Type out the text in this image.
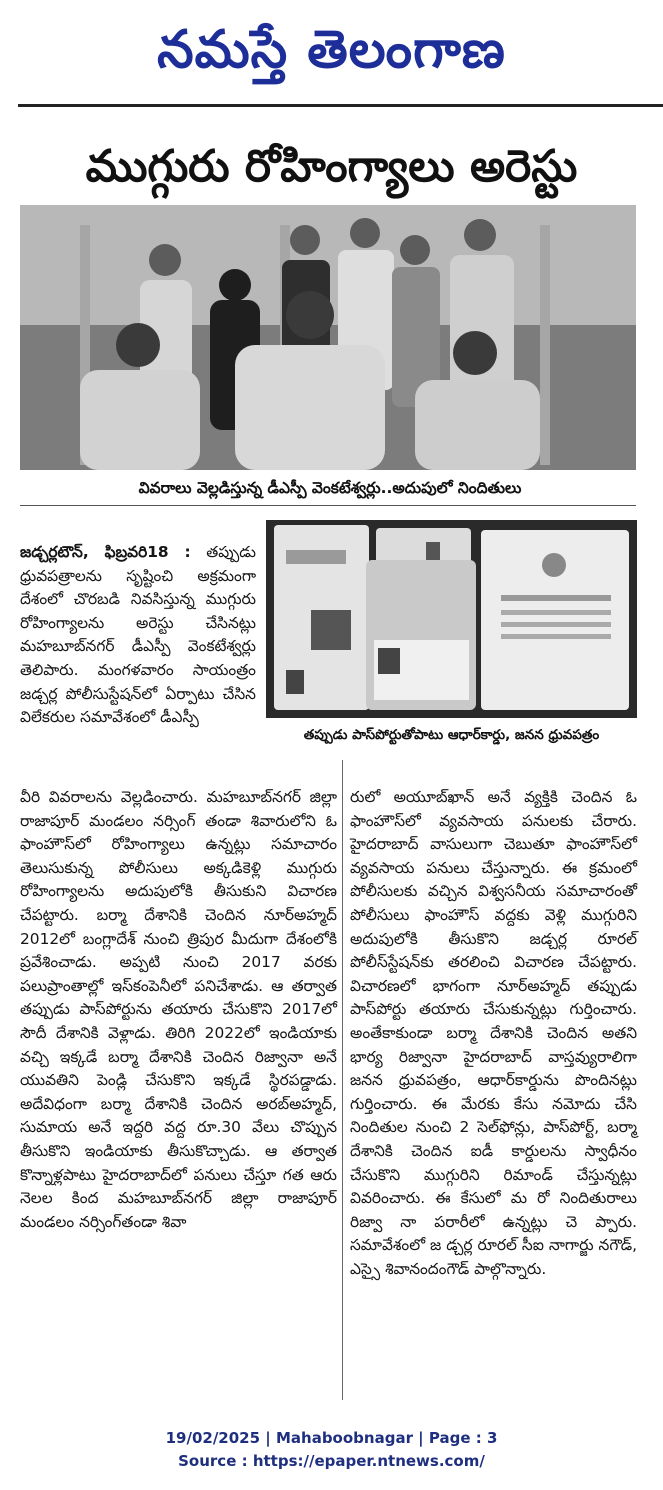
నమస్తే తెలంగాణ
ముగ్గురు రోహింగ్యాలు అరెస్టు
వివరాలు వెల్లడిస్తున్న డీఎస్పీ వెంకటేశ్వర్లు..అదుపులో నిందితులు
తప్పుడు పాస్‌పోర్టుతోపాటు ఆధార్‌కార్డు, జనన ధ్రువపత్రం

జడ్చర్లటౌన్, ఫిబ్రవరి18 : తప్పుడు ధ్రువపత్రాలను సృష్టించి అక్రమంగా దేశంలో చొరబడి నివసిస్తున్న ముగ్గురు రోహింగ్యాలను అరెస్టు చేసినట్లు మహబూబ్‌నగర్ డీఎస్పీ వెంకటేశ్వర్లు తెలిపారు. మంగళవారం సాయంత్రం జడ్చర్ల పోలీసుస్టేషన్‌లో ఏర్పాటు చేసిన విలేకరుల సమావేశంలో డీఎస్పీ

వీరి వివరాలను వెల్లడించారు. మహబూబ్‌నగర్ జిల్లా రాజాపూర్ మండలం నర్సింగ్ తండా శివారులోని ఓ ఫాంహౌస్‌లో రోహింగ్యాలు ఉన్నట్లు సమాచారం తెలుసుకున్న పోలీసులు అక్కడికెళ్లి ముగ్గురు రోహింగ్యాలను అదుపులోకి తీసుకుని విచారణ చేపట్టారు. బర్మా దేశానికి చెందిన నూర్‌అహ్మద్ 2012లో బంగ్లాదేశ్ నుంచి త్రిపుర మీదుగా దేశంలోకి ప్రవేశించాడు. అప్పటి నుంచి 2017 వరకు పలుప్రాంతాల్లో ఇస్‌కంపెనీలో పనిచేశాడు. ఆ తర్వాత తప్పుడు పాస్‌పోర్టును తయారు చేసుకొని 2017లో సౌదీ దేశానికి వెళ్లాడు. తిరిగి 2022లో ఇండియాకు వచ్చి ఇక్కడే బర్మా దేశానికి చెందిన రిజ్వానా అనే యువతిని పెండ్లి చేసుకొని ఇక్కడే స్థిరపడ్డాడు. అదేవిధంగా బర్మా దేశానికి చెందిన అరబ్‌అహ్మద్, సుమాయ అనే ఇద్దరి వద్ద రూ.30 వేలు చొప్పున తీసుకొని ఇండియాకు తీసుకొచ్చాడు. ఆ తర్వాత కొన్నాళ్లపాటు హైదరాబాద్‌లో పనులు చేస్తూ గత ఆరు నెలల కింద మహబూబ్‌నగర్ జిల్లా రాజాపూర్ మండలం నర్సింగ్‌తండా శివా

రులో అయూబ్‌ఖాన్ అనే వ్యక్తికి చెందిన ఓ ఫాంహౌస్‌లో వ్యవసాయ పనులకు చేరారు. హైదరాబాద్ వాసులుగా చెబుతూ ఫాంహౌస్‌లో వ్యవసాయ పనులు చేస్తున్నారు. ఈ క్రమంలో పోలీసులకు వచ్చిన విశ్వసనీయ సమాచారంతో పోలీసులు ఫాంహౌస్ వద్దకు వెళ్లి ముగ్గురిని అదుపులోకి తీసుకొని జడ్చర్ల రూరల్ పోలీస్‌స్టేషన్‌కు తరలించి విచారణ చేపట్టారు. విచారణలో భాగంగా నూర్‌అహ్మద్ తప్పుడు పాస్‌పోర్టు తయారు చేసుకున్నట్లు గుర్తించారు. అంతేకాకుండా బర్మా దేశానికి చెందిన అతని భార్య రిజ్వానా హైదరాబాద్ వాస్తవ్యురాలిగా జనన ధ్రువపత్రం, ఆధార్‌కార్డును పొందినట్లు గుర్తించారు. ఈ మేరకు కేసు నమోదు చేసి నిందితుల నుంచి 2 సెల్‌ఫోన్లు, పాస్‌పోర్ట్, బర్మా దేశానికి చెందిన ఐడీ కార్డులను స్వాధీనం చేసుకొని ముగ్గురిని రిమాండ్ చేస్తున్నట్లు వివరించారు. ఈ కేసులో మ రో నిందితురాలు రిజ్వా నా పరారీలో ఉన్నట్లు చె ప్పారు. సమావేశంలో జ డ్చర్ల రూరల్ సీఐ నాగార్జు నగౌడ్, ఎస్సై శివానందంగౌడ్ పాల్గొన్నారు.

19/02/2025 | Mahaboobnagar | Page : 3
Source : https://epaper.ntnews.com/
